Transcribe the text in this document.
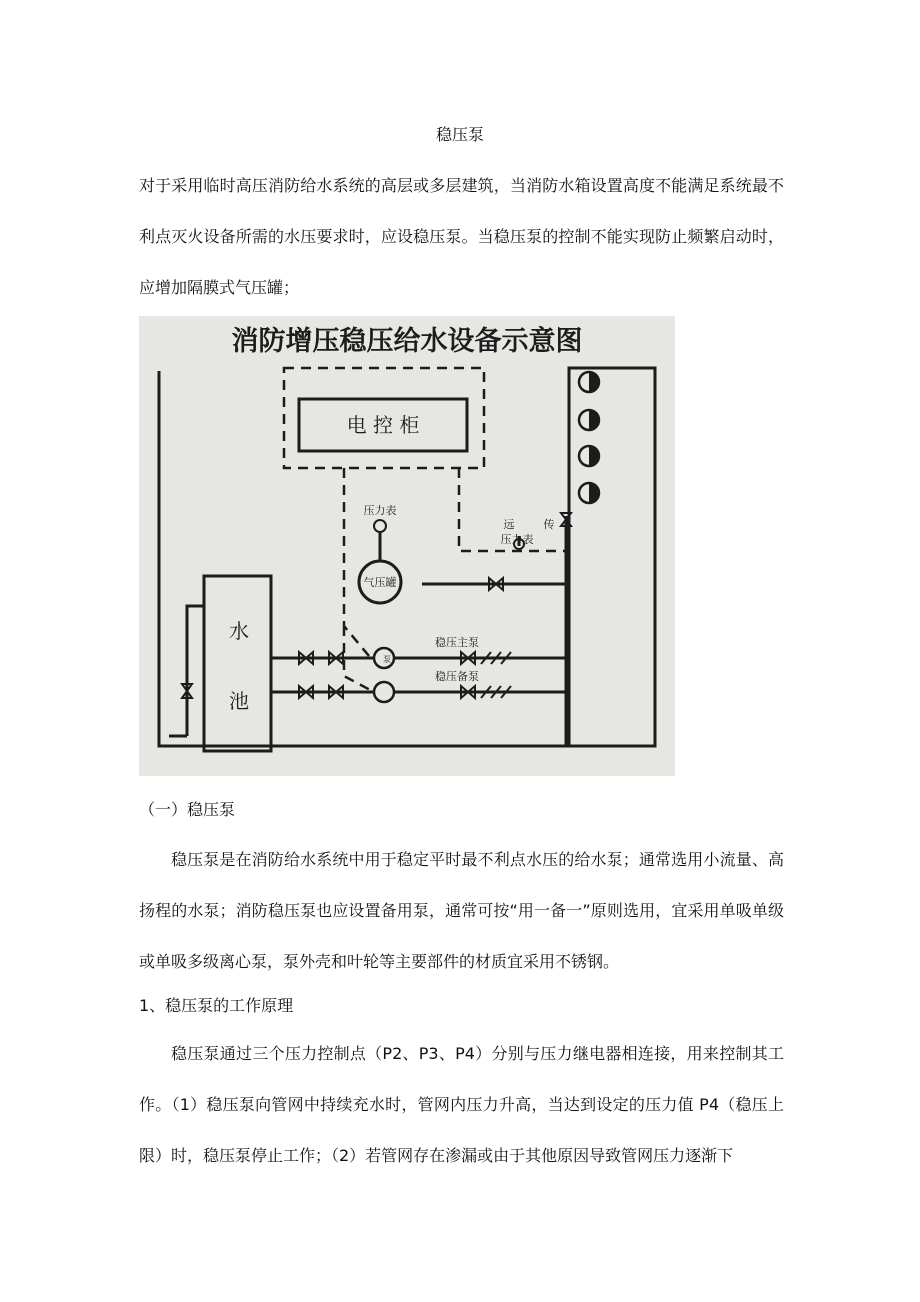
稳压泵

对于采用临时高压消防给水系统的高层或多层建筑，当消防水箱设置高度不能满足系统最不利点灭火设备所需的水压要求时，应设稳压泵。当稳压泵的控制不能实现防止频繁启动时，应增加隔膜式气压罐；

消防增压稳压给水设备示意图
电 控 柜
压力表
远	传
压力表
气压罐
水
池
泵
稳压主泵
稳压备泵
（一）稳压泵

稳压泵是在消防给水系统中用于稳定平时最不利点水压的给水泵；通常选用小流量、高扬程的水泵；消防稳压泵也应设置备用泵，通常可按“用一备一”原则选用，宜采用单吸单级或单吸多级离心泵，泵外壳和叶轮等主要部件的材质宜采用不锈钢。

1、稳压泵的工作原理

稳压泵通过三个压力控制点（P2、P3、P4）分别与压力继电器相连接，用来控制其工作。（1）稳压泵向管网中持续充水时，管网内压力升高，当达到设定的压力值 P4（稳压上限）时，稳压泵停止工作；（2）若管网存在渗漏或由于其他原因导致管网压力逐渐下
